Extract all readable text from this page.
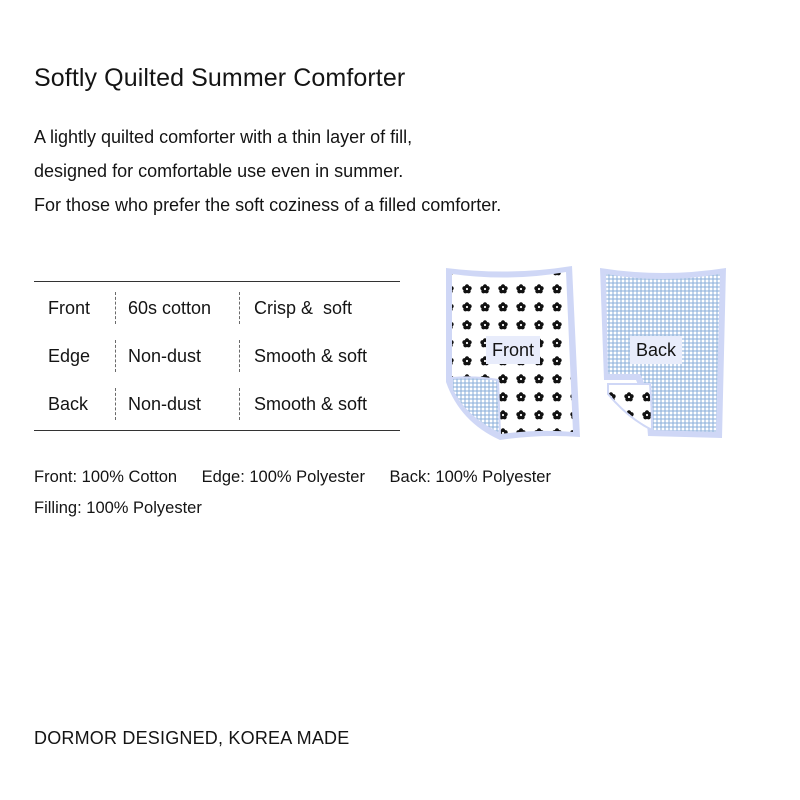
Softly Quilted Summer Comforter
A lightly quilted comforter with a thin layer of fill,
designed for comfortable use even in summer.
For those who prefer the soft coziness of a filled comforter.
Front	60s cotton	Crisp &  soft
Edge	Non-dust	Smooth & soft
Back	Non-dust	Smooth & soft
Front	Back
Front: 100% Cotton Edge: 100% Polyester Back: 100% Polyester
Filling: 100% Polyester
DORMOR DESIGNED, KOREA MADE
